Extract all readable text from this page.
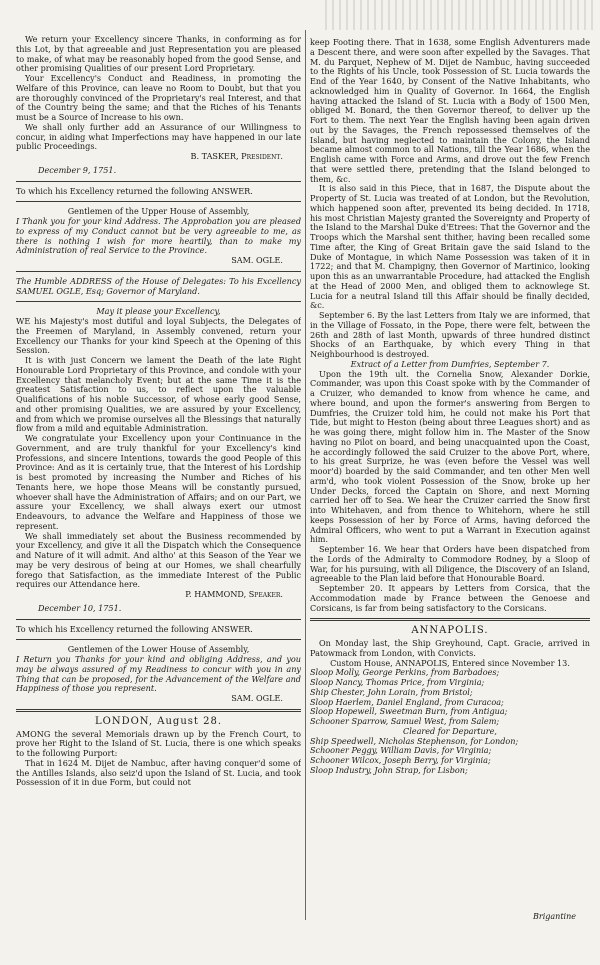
We return your Excellency sincere Thanks, in conforming as for this Lot, by that agreeable and just Representation you are pleased to make, of what may be reasonably hoped from the good Sense, and other promising Qualities of our present Lord Proprietary.

Your Excellency's Conduct and Readiness, in promoting the Welfare of this Province, can leave no Room to Doubt, but that you are thoroughly convinced of the Proprietary's real Interest, and that of the Country being the same; and that the Riches of his Tenants must be a Source of Increase to his own.

We shall only further add an Assurance of our Willingness to concur, in aiding what Imperfections may have happened in our late public Proceedings.

B. TASKER, President.

December 9, 1751.

To which his Excellency returned the following ANSWER.

Gentlemen of the Upper House of Assembly,

I Thank you for your kind Address. The Approbation you are pleased to express of my Conduct cannot but be very agreeable to me, as there is nothing I wish for more heartily, than to make my Administration of real Service to the Province.

SAM. OGLE.

The Humble ADDRESS of the House of Delegates: To his Excellency SAMUEL OGLE, Esq; Governor of Maryland.

May it please your Excellency,

WE his Majesty's most dutiful and loyal Subjects, the Delegates of the Freemen of Maryland, in Assembly convened, return your Excellency our Thanks for your kind Speech at the Opening of this Session.

It is with just Concern we lament the Death of the late Right Honourable Lord Proprietary of this Province, and condole with your Excellency that melancholy Event; but at the same Time it is the greatest Satisfaction to us, to reflect upon the valuable Qualifications of his noble Successor, of whose early good Sense, and other promising Qualities, we are assured by your Excellency, and from which we promise ourselves all the Blessings that naturally flow from a mild and equitable Administration.

We congratulate your Excellency upon your Continuance in the Government, and are truly thankful for your Excellency's kind Professions, and sincere Intentions, towards the good People of this Province: And as it is certainly true, that the Interest of his Lordship is best promoted by increasing the Number and Riches of his Tenants here, we hope those Means will be constantly pursued, whoever shall have the Administration of Affairs; and on our Part, we assure your Excellency, we shall always exert our utmost Endeavours, to advance the Welfare and Happiness of those we represent.

We shall immediately set about the Business recommended by your Excellency, and give it all the Dispatch which the Consequence and Nature of it will admit. And altho' at this Season of the Year we may be very desirous of being at our Homes, we shall chearfully forego that Satisfaction, as the immediate Interest of the Public requires our Attendance here.

P. HAMMOND, Speaker.

December 10, 1751.

To which his Excellency returned the following ANSWER.

Gentlemen of the Lower House of Assembly,

I Return you Thanks for your kind and obliging Address, and you may be always assured of my Readiness to concur with you in any Thing that can be proposed, for the Advancement of the Welfare and Happiness of those you represent.

SAM. OGLE.

LONDON, August 28.

AMONG the several Memorials drawn up by the French Court, to prove her Right to the Island of St. Lucia, there is one which speaks to the following Purport:

That in 1624 M. Dijet de Nambuc, after having conquer'd some of the Antilles Islands, also seiz'd upon the Island of St. Lucia, and took Possession of it in due Form, but could not

keep Footing there. That in 1638, some English Adventurers made a Descent there, and were soon after expelled by the Savages. That M. du Parquet, Nephew of M. Dijet de Nambuc, having succeeded to the Rights of his Uncle, took Possession of St. Lucia towards the End of the Year 1640, by Consent of the Native Inhabitants, who acknowledged him in Quality of Governor. In 1664, the English having attacked the Island of St. Lucia with a Body of 1500 Men, obliged M. Bonard, the then Governor thereof, to deliver up the Fort to them. The next Year the English having been again driven out by the Savages, the French repossessed themselves of the Island, but having neglected to maintain the Colony, the Island became almost common to all Nations, till the Year 1686, when the English came with Force and Arms, and drove out the few French that were settled there, pretending that the Island belonged to them, &c.

It is also said in this Piece, that in 1687, the Dispute about the Property of St. Lucia was treated of at London, but the Revolution, which happened soon after, prevented its being decided. In 1718, his most Christian Majesty granted the Sovereignty and Property of the Island to the Marshal Duke d'Etrees: That the Governor and the Troops which the Marshal sent thither, having been recalled some Time after, the King of Great Britain gave the said Island to the Duke of Montague, in which Name Possession was taken of it in 1722; and that M. Champigny, then Governor of Martinico, looking upon this as an unwarrantable Procedure, had attacked the English at the Head of 2000 Men, and obliged them to acknowlege St. Lucia for a neutral Island till this Affair should be finally decided, &c.

September 6. By the last Letters from Italy we are informed, that in the Village of Fossato, in the Pope, there were felt, between the 26th and 28th of last Month, upwards of three hundred distinct Shocks of an Earthquake, by which every Thing in that Neighbourhood is destroyed.

Extract of a Letter from Dumfries, September 7.

Upon the 19th ult. the Cornelia Snow, Alexander Dorkie, Commander, was upon this Coast spoke with by the Commander of a Cruizer, who demanded to know from whence he came, and where bound, and upon the former's answering from Bergen to Dumfries, the Cruizer told him, he could not make his Port that Tide, but might to Heston (being about three Leagues short) and as he was going there, might follow him in. The Master of the Snow having no Pilot on board, and being unacquainted upon the Coast, he accordingly followed the said Cruizer to the above Port, where, to his great Surprize, he was (even before the Vessel was well moor'd) boarded by the said Commander, and ten other Men well arm'd, who took violent Possession of the Snow, broke up her Under Decks, forced the Captain on Shore, and next Morning carried her off to Sea. We hear the Cruizer carried the Snow first into Whitehaven, and from thence to Whitehorn, where he still keeps Possession of her by Force of Arms, having deforced the Admiral Officers, who went to put a Warrant in Execution against him.

September 16. We hear that Orders have been dispatched from the Lords of the Admiralty to Commodore Rodney, by a Sloop of War, for his pursuing, with all Diligence, the Discovery of an Island, agreeable to the Plan laid before that Honourable Board.

September 20. It appears by Letters from Corsica, that the Accommodation made by France between the Genoese and Corsicans, is far from being satisfactory to the Corsicans.

ANNAPOLIS.

On Monday last, the Ship Greyhound, Capt. Gracie, arrived in Patowmack from London, with Convicts.

Custom House, ANNAPOLIS, Entered since November 13.

Sloop Molly, George Perkins, from Barbadoes;

Sloop Nancy, Thomas Price, from Virginia;

Ship Chester, John Lorain, from Bristol;

Sloop Haerlem, Daniel England, from Curacoa;

Sloop Hopewell, Sweetman Burn, from Antigua;

Schooner Sparrow, Samuel West, from Salem;

Cleared for Departure,

Ship Speedwell, Nicholas Stephenson, for London;

Schooner Peggy, William Davis, for Virginia;

Schooner Wilcox, Joseph Berry, for Virginia;

Sloop Industry, John Strap, for Lisbon;

Brigantine
